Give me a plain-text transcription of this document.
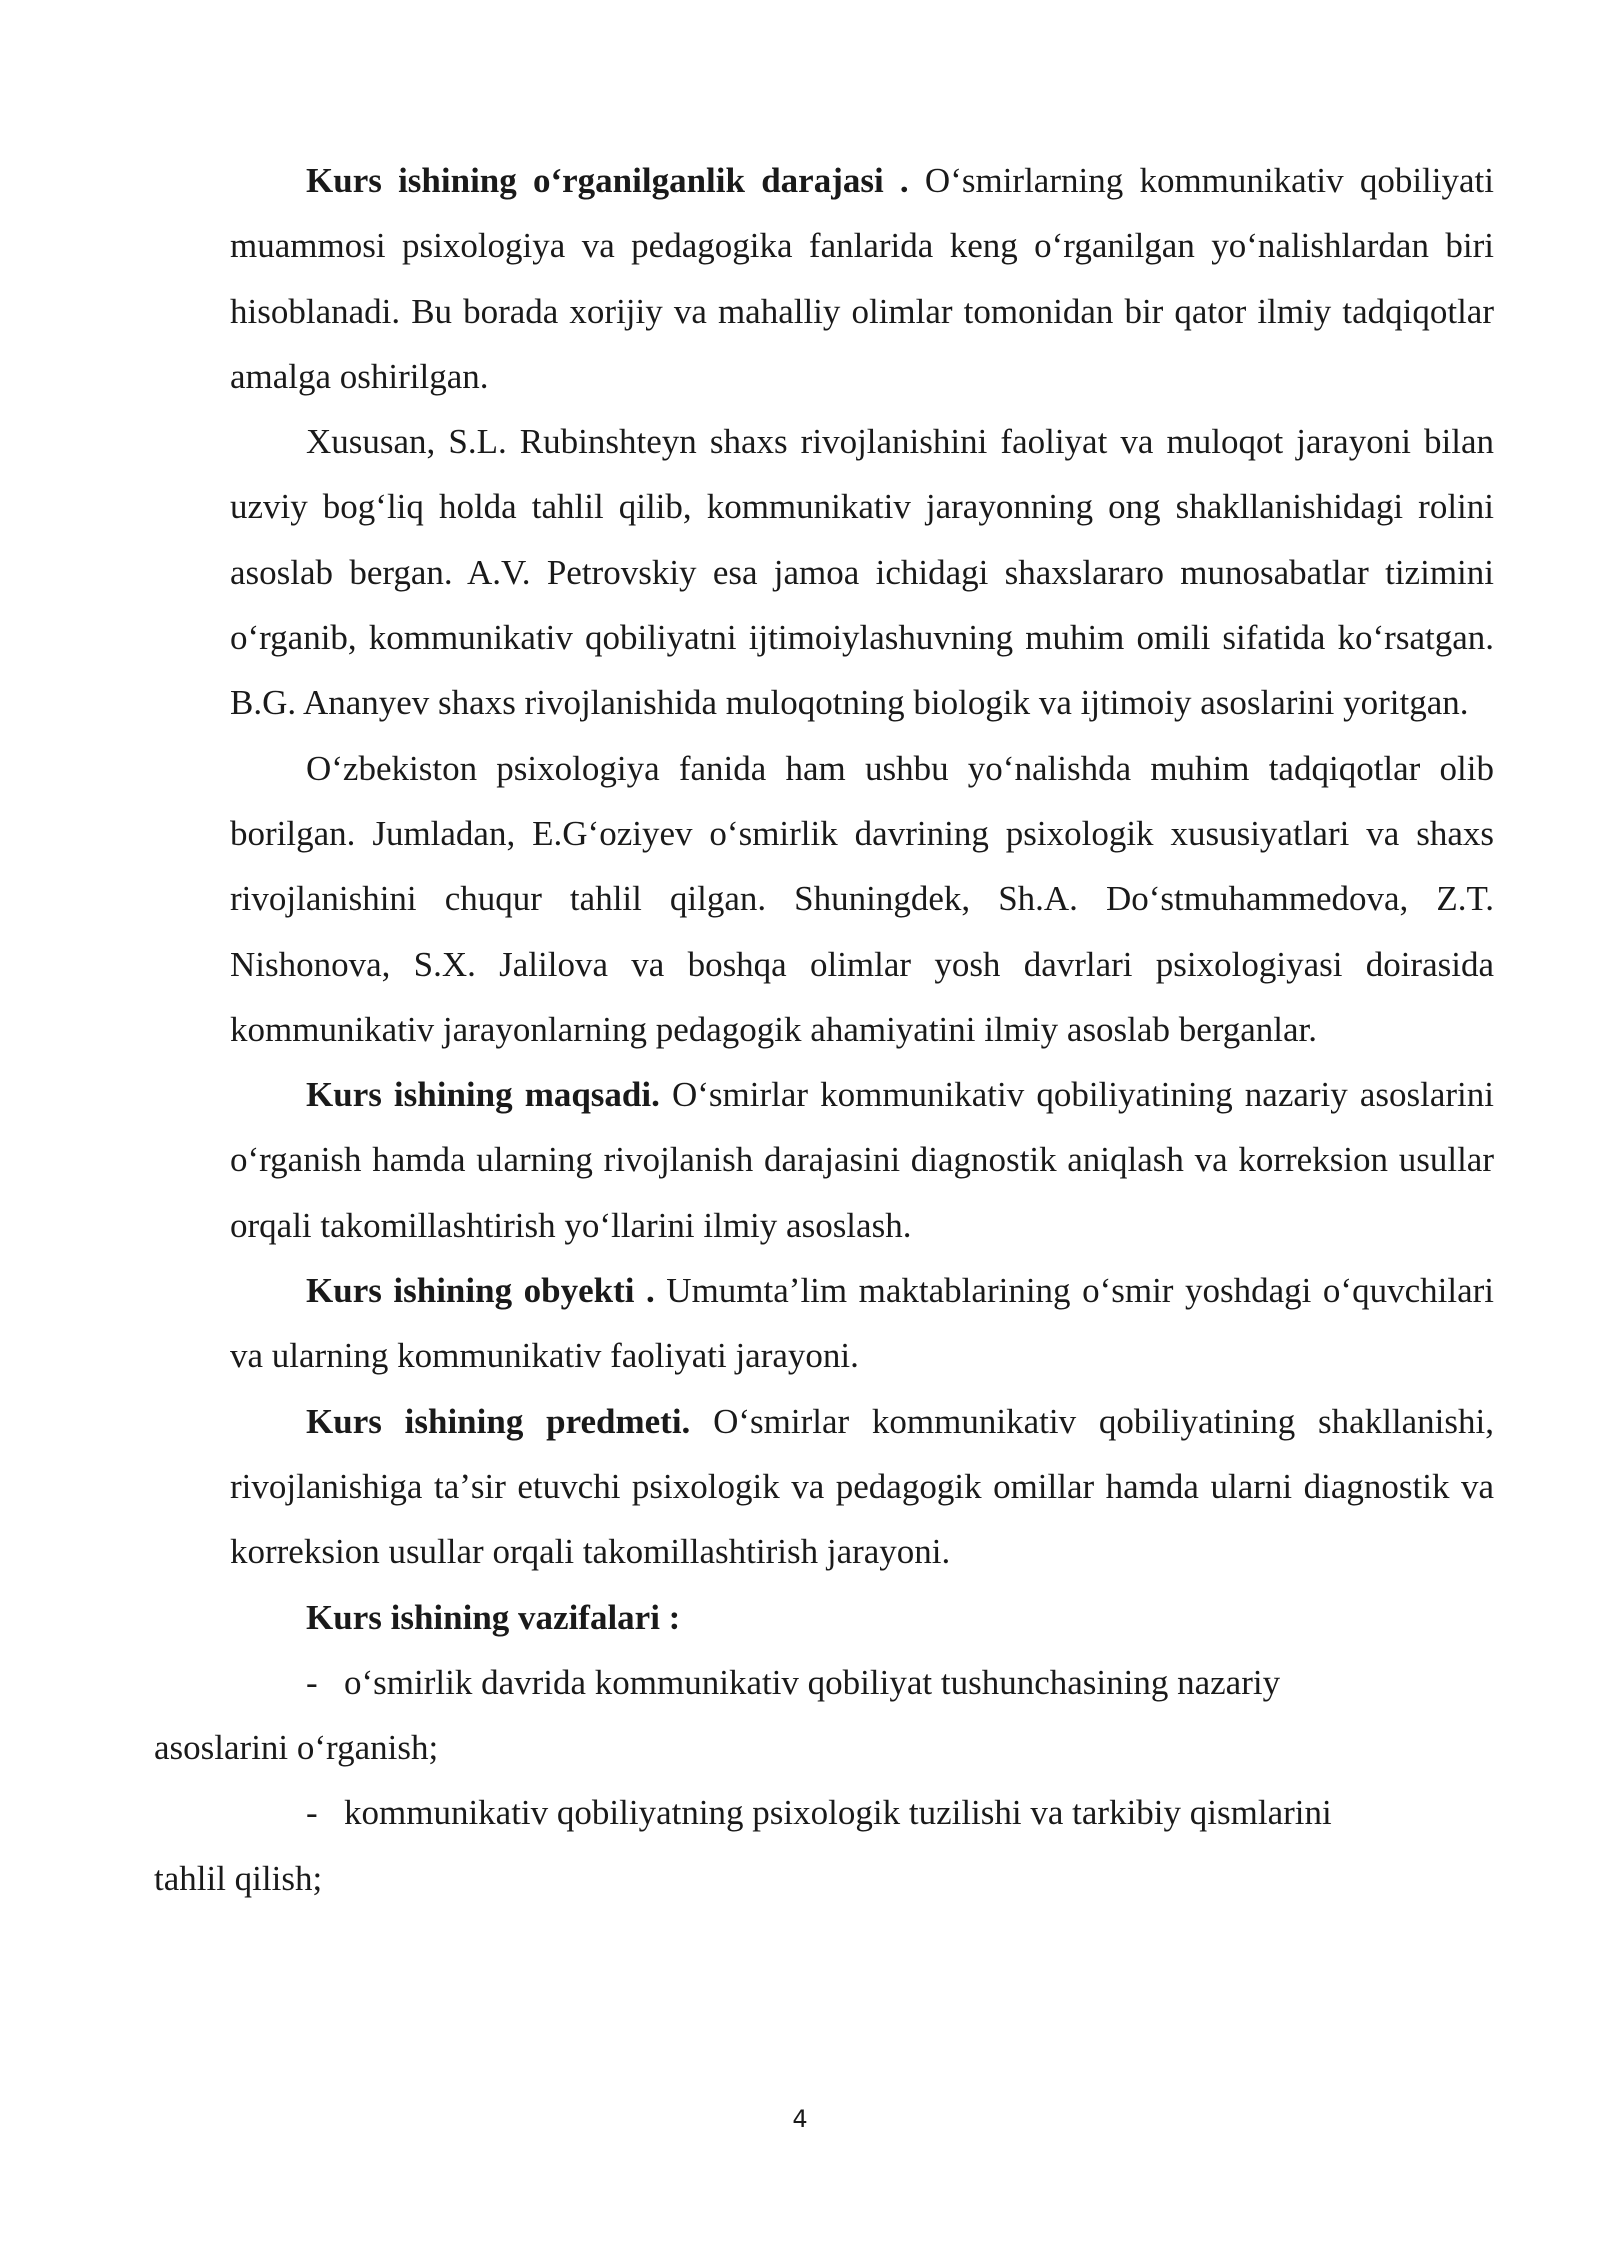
Kurs ishining oʻrganilganlik darajasi . Oʻsmirlarning kommunikativ qobiliyati muammosi psixologiya va pedagogika fanlarida keng oʻrganilgan yoʻnalishlardan biri hisoblanadi. Bu borada xorijiy va mahalliy olimlar tomonidan bir qator ilmiy tadqiqotlar amalga oshirilgan.

Xususan, S.L. Rubinshteyn shaxs rivojlanishini faoliyat va muloqot jarayoni bilan uzviy bogʻliq holda tahlil qilib, kommunikativ jarayonning ong shakllanishidagi rolini asoslab bergan. A.V. Petrovskiy esa jamoa ichidagi shaxslararo munosabatlar tizimini oʻrganib, kommunikativ qobiliyatni ijtimoiylashuvning muhim omili sifatida koʻrsatgan. B.G. Ananyev shaxs rivojlanishida muloqotning biologik va ijtimoiy asoslarini yoritgan.

Oʻzbekiston psixologiya fanida ham ushbu yoʻnalishda muhim tadqiqotlar olib borilgan. Jumladan, E.Gʻoziyev oʻsmirlik davrining psixologik xususiyatlari va shaxs rivojlanishini chuqur tahlil qilgan. Shuningdek, Sh.A. Doʻstmuhammedova, Z.T. Nishonova, S.X. Jalilova va boshqa olimlar yosh davrlari psixologiyasi doirasida kommunikativ jarayonlarning pedagogik ahamiyatini ilmiy asoslab berganlar.

Kurs ishining maqsadi. Oʻsmirlar kommunikativ qobiliyatining nazariy asoslarini oʻrganish hamda ularning rivojlanish darajasini diagnostik aniqlash va korreksion usullar orqali takomillashtirish yoʻllarini ilmiy asoslash.

Kurs ishining obyekti . Umumtaʼlim maktablarining oʻsmir yoshdagi oʻquvchilari va ularning kommunikativ faoliyati jarayoni.

Kurs ishining predmeti. Oʻsmirlar kommunikativ qobiliyatining shakllanishi, rivojlanishiga taʼsir etuvchi psixologik va pedagogik omillar hamda ularni diagnostik va korreksion usullar orqali takomillashtirish jarayoni.

Kurs ishining vazifalari :

- oʻsmirlik davrida kommunikativ qobiliyat tushunchasining nazariy
asoslarini oʻrganish;

- kommunikativ qobiliyatning psixologik tuzilishi va tarkibiy qismlarini
tahlil qilish;

4
